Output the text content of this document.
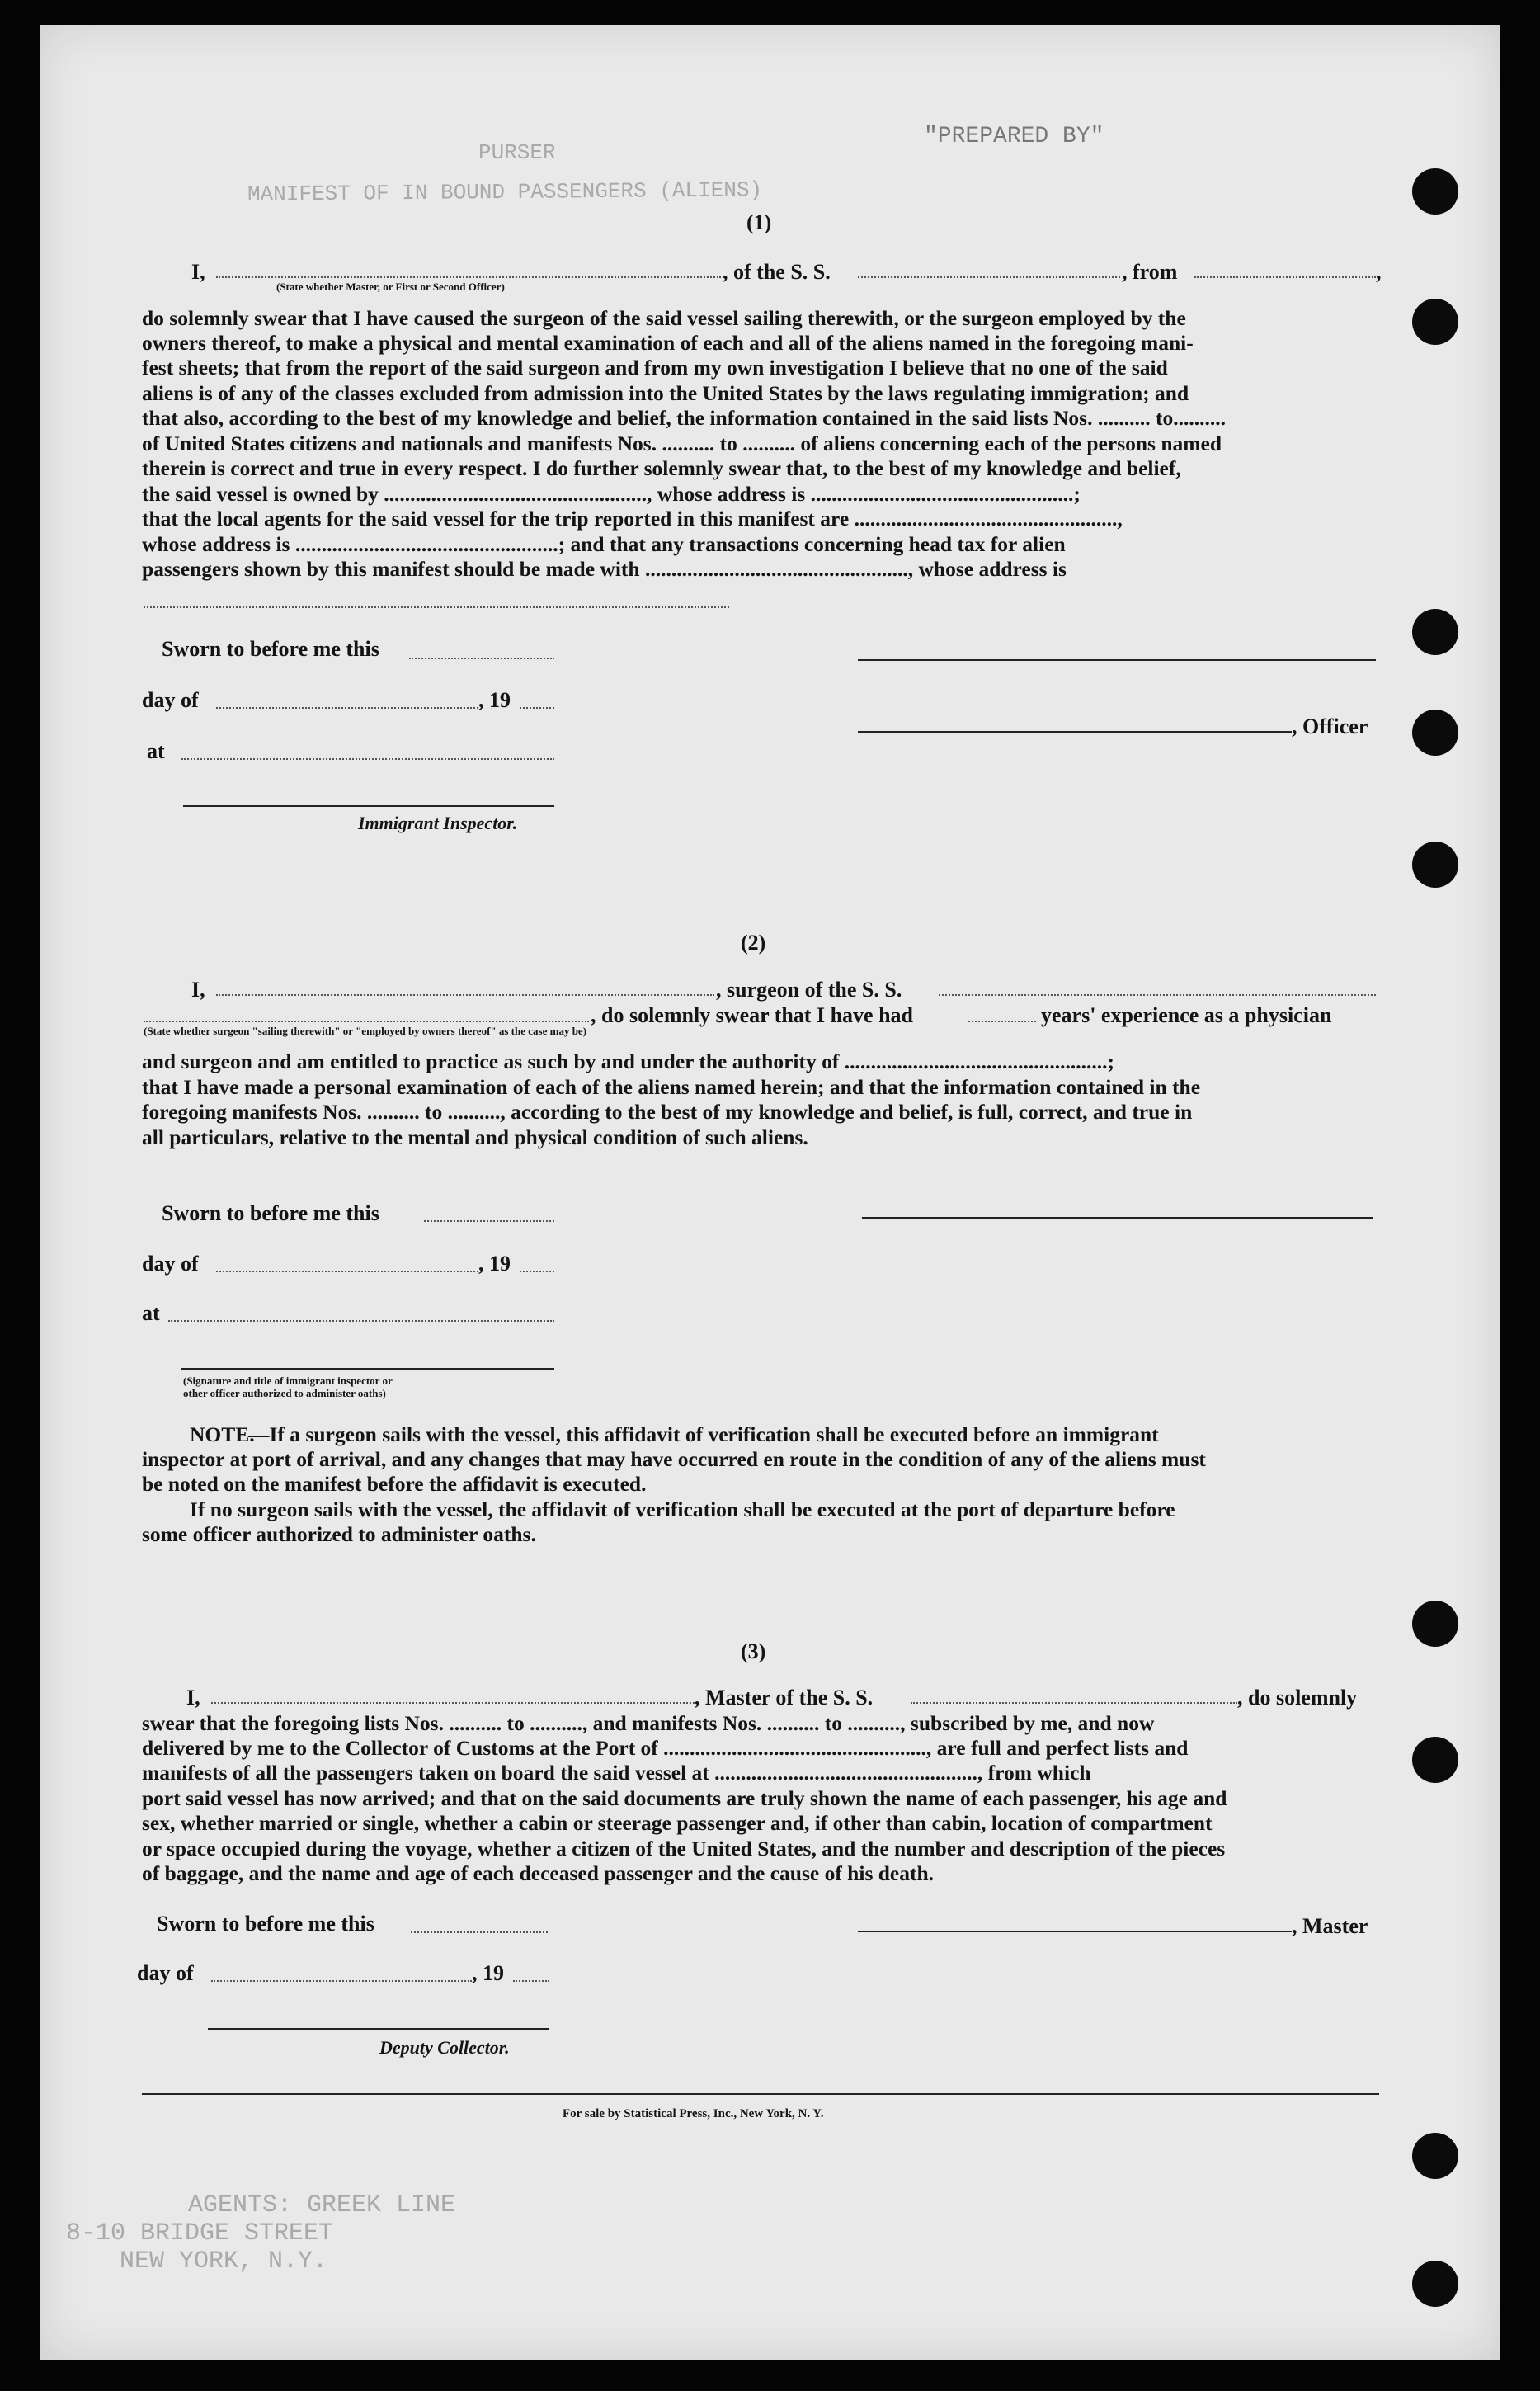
"PREPARED BY"
PURSER
MANIFEST OF IN BOUND PASSENGERS (ALIENS)
AGENTS: GREEK LINE
8-10 BRIDGE STREET
NEW YORK, N.Y.
(1)
I,	, of the S. S.	, from	,
(State whether Master, or First or Second Officer)
do solemnly swear that I have caused the surgeon of the said vessel sailing therewith, or the surgeon employed by the
owners thereof, to make a physical and mental examination of each and all of the aliens named in the foregoing mani-
fest sheets; that from the report of the said surgeon and from my own investigation I believe that no one of the said
aliens is of any of the classes excluded from admission into the United States by the laws regulating immigration; and
that also, according to the best of my knowledge and belief, the information contained in the said lists Nos. .......... to..........
of United States citizens and nationals and manifests Nos. .......... to .......... of aliens concerning each of the persons named
therein is correct and true in every respect. I do further solemnly swear that, to the best of my knowledge and belief,
the said vessel is owned by .................................................., whose address is ..................................................;
that the local agents for the said vessel for the trip reported in this manifest are ..................................................,
whose address is ..................................................; and that any transactions concerning head tax for alien
passengers shown by this manifest should be made with .................................................., whose address is
Sworn to before me this
day of	, 19
, Officer
at
Immigrant Inspector.
(2)
I,	, surgeon of the S. S.
, do solemnly swear that I have had	years' experience as a physician
(State whether surgeon "sailing therewith" or "employed by owners thereof" as the case may be)
and surgeon and am entitled to practice as such by and under the authority of ..................................................;
that I have made a personal examination of each of the aliens named herein; and that the information contained in the
foregoing manifests Nos. .......... to .........., according to the best of my knowledge and belief, is full, correct, and true in
all particulars, relative to the mental and physical condition of such aliens.
Sworn to before me this
day of	, 19
at
(Signature and title of immigrant inspector or
other officer authorized to administer oaths)
NOTE.
—If a surgeon sails with the vessel, this affidavit of verification shall be executed before an immigrant
inspector at port of arrival, and any changes that may have occurred en route in the condition of any of the aliens must
be noted on the manifest before the affidavit is executed.
If no surgeon sails with the vessel, the affidavit of verification shall be executed at the port of departure before
some officer authorized to administer oaths.
(3)
I,	, Master of the S. S.	, do solemnly
swear that the foregoing lists Nos. .......... to .........., and manifests Nos. .......... to .........., subscribed by me, and now
delivered by me to the Collector of Customs at the Port of .................................................., are full and perfect lists and
manifests of all the passengers taken on board the said vessel at .................................................., from which
port said vessel has now arrived; and that on the said documents are truly shown the name of each passenger, his age and
sex, whether married or single, whether a cabin or steerage passenger and, if other than cabin, location of compartment
or space occupied during the voyage, whether a citizen of the United States, and the number and description of the pieces
of baggage, and the name and age of each deceased passenger and the cause of his death.
Sworn to before me this	, Master
day of	, 19
Deputy Collector.
For sale by Statistical Press, Inc., New York, N. Y.
